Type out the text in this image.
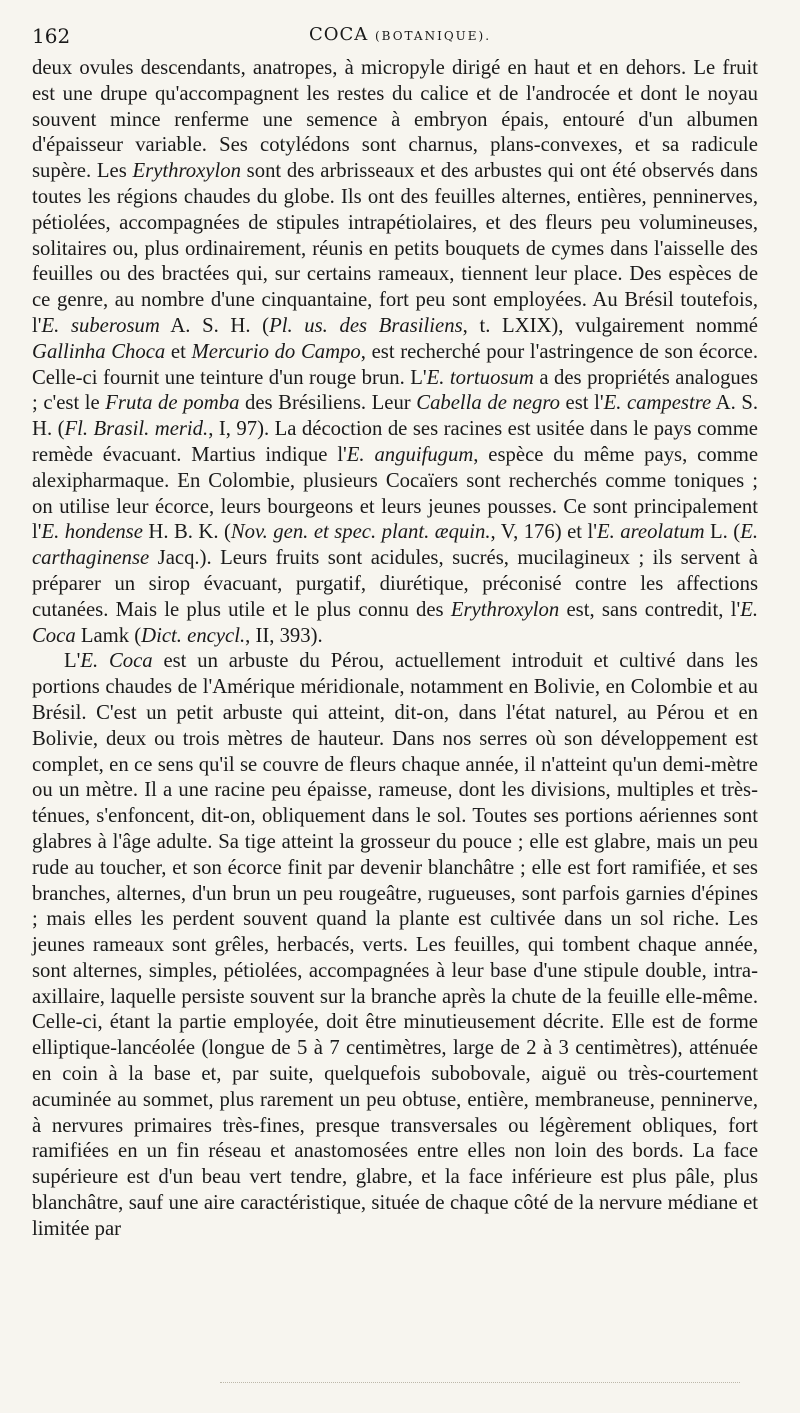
162	COCA (BOTANIQUE).

deux ovules descendants, anatropes, à micropyle dirigé en haut et en dehors. Le fruit est une drupe qu'accompagnent les restes du calice et de l'androcée et dont le noyau souvent mince renferme une semence à embryon épais, entouré d'un albumen d'épaisseur variable. Ses cotylédons sont charnus, plans-convexes, et sa radicule supère. Les Erythroxylon sont des arbrisseaux et des arbustes qui ont été observés dans toutes les régions chaudes du globe. Ils ont des feuilles alternes, entières, penninerves, pétiolées, accompagnées de stipules intrapétiolaires, et des fleurs peu volumineuses, solitaires ou, plus ordinairement, réunis en petits bouquets de cymes dans l'aisselle des feuilles ou des bractées qui, sur certains rameaux, tiennent leur place. Des espèces de ce genre, au nombre d'une cinquantaine, fort peu sont employées. Au Brésil toutefois, l'E. suberosum A. S. H. (Pl. us. des Brasiliens, t. LXIX), vulgairement nommé Gallinha Choca et Mercurio do Campo, est recherché pour l'astringence de son écorce. Celle-ci fournit une teinture d'un rouge brun. L'E. tortuosum a des propriétés analogues ; c'est le Fruta de pomba des Brésiliens. Leur Cabella de negro est l'E. campestre A. S. H. (Fl. Brasil. merid., I, 97). La décoction de ses racines est usitée dans le pays comme remède évacuant. Martius indique l'E. anguifugum, espèce du même pays, comme alexipharmaque. En Colombie, plusieurs Cocaïers sont recherchés comme toniques ; on utilise leur écorce, leurs bourgeons et leurs jeunes pousses. Ce sont principalement l'E. hondense H. B. K. (Nov. gen. et spec. plant. æquin., V, 176) et l'E. areolatum L. (E. carthaginense Jacq.). Leurs fruits sont acidules, sucrés, mucilagineux ; ils servent à préparer un sirop évacuant, purgatif, diurétique, préconisé contre les affections cutanées. Mais le plus utile et le plus connu des Erythroxylon est, sans contredit, l'E. Coca Lamk (Dict. encycl., II, 393).

L'E. Coca est un arbuste du Pérou, actuellement introduit et cultivé dans les portions chaudes de l'Amérique méridionale, notamment en Bolivie, en Colombie et au Brésil. C'est un petit arbuste qui atteint, dit-on, dans l'état naturel, au Pérou et en Bolivie, deux ou trois mètres de hauteur. Dans nos serres où son développement est complet, en ce sens qu'il se couvre de fleurs chaque année, il n'atteint qu'un demi-mètre ou un mètre. Il a une racine peu épaisse, rameuse, dont les divisions, multiples et très-ténues, s'enfoncent, dit-on, obliquement dans le sol. Toutes ses portions aériennes sont glabres à l'âge adulte. Sa tige atteint la grosseur du pouce ; elle est glabre, mais un peu rude au toucher, et son écorce finit par devenir blanchâtre ; elle est fort ramifiée, et ses branches, alternes, d'un brun un peu rougeâtre, rugueuses, sont parfois garnies d'épines ; mais elles les perdent souvent quand la plante est cultivée dans un sol riche. Les jeunes rameaux sont grêles, herbacés, verts. Les feuilles, qui tombent chaque année, sont alternes, simples, pétiolées, accompagnées à leur base d'une stipule double, intra-axillaire, laquelle persiste souvent sur la branche après la chute de la feuille elle-même. Celle-ci, étant la partie employée, doit être minutieusement décrite. Elle est de forme elliptique-lancéolée (longue de 5 à 7 centimètres, large de 2 à 3 centimètres), atténuée en coin à la base et, par suite, quelquefois subobovale, aiguë ou très-courtement acuminée au sommet, plus rarement un peu obtuse, entière, membraneuse, penninerve, à nervures primaires très-fines, presque transversales ou légèrement obliques, fort ramifiées en un fin réseau et anastomosées entre elles non loin des bords. La face supérieure est d'un beau vert tendre, glabre, et la face inférieure est plus pâle, plus blanchâtre, sauf une aire caractéristique, située de chaque côté de la nervure médiane et limitée par
